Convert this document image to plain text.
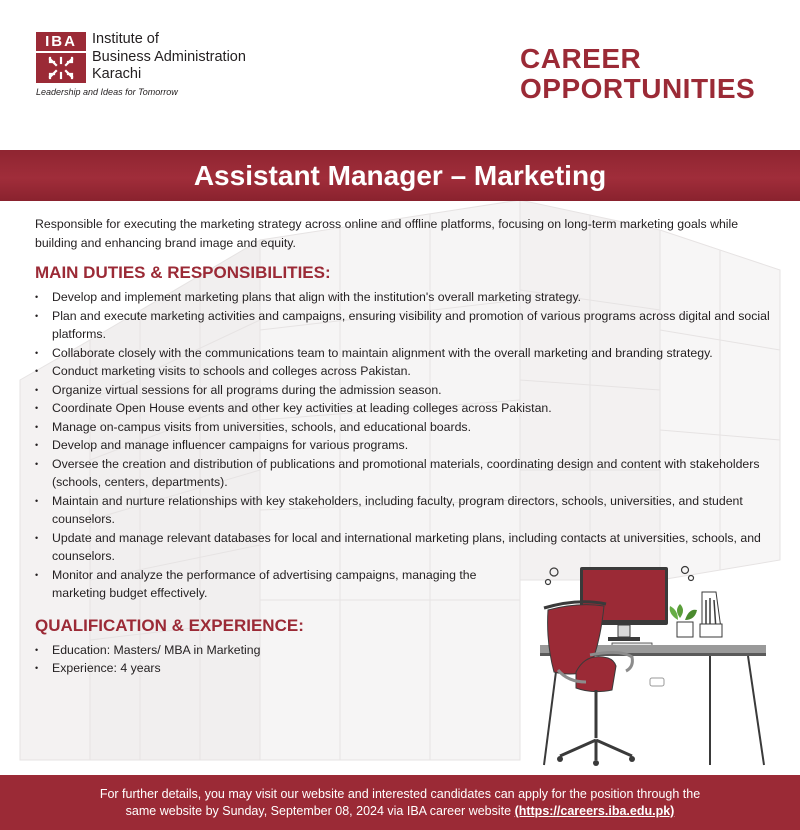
IBA	Institute of
Business Administration
Karachi
Leadership and Ideas for Tomorrow
CAREER
OPPORTUNITIES
Assistant Manager – Marketing

Responsible for executing the marketing strategy across online and offline platforms, focusing on long-term marketing goals while building and enhancing brand image and equity.

MAIN DUTIES & RESPONSIBILITIES:
• Develop and implement marketing plans that align with the institution's overall marketing strategy.
• Plan and execute marketing activities and campaigns, ensuring visibility and promotion of various programs across digital and social platforms.
• Collaborate closely with the communications team to maintain alignment with the overall marketing and branding strategy.
• Conduct marketing visits to schools and colleges across Pakistan.
• Organize virtual sessions for all programs during the admission season.
• Coordinate Open House events and other key activities at leading colleges across Pakistan.
• Manage on-campus visits from universities, schools, and educational boards.
• Develop and manage influencer campaigns for various programs.
• Oversee the creation and distribution of publications and promotional materials, coordinating design and content with stakeholders (schools, centers, departments).
• Maintain and nurture relationships with key stakeholders, including faculty, program directors, schools, universities, and student counselors.
• Update and manage relevant databases for local and international marketing plans, including contacts at universities, schools, and counselors.
• Monitor and analyze the performance of advertising campaigns, managing the marketing budget effectively.
QUALIFICATION & EXPERIENCE:
• Education: Masters/ MBA in Marketing
• Experience: 4 years
For further details, you may visit our website and interested candidates can apply for the position through the
same website by Sunday, September 08, 2024 via IBA career website (https://careers.iba.edu.pk)
